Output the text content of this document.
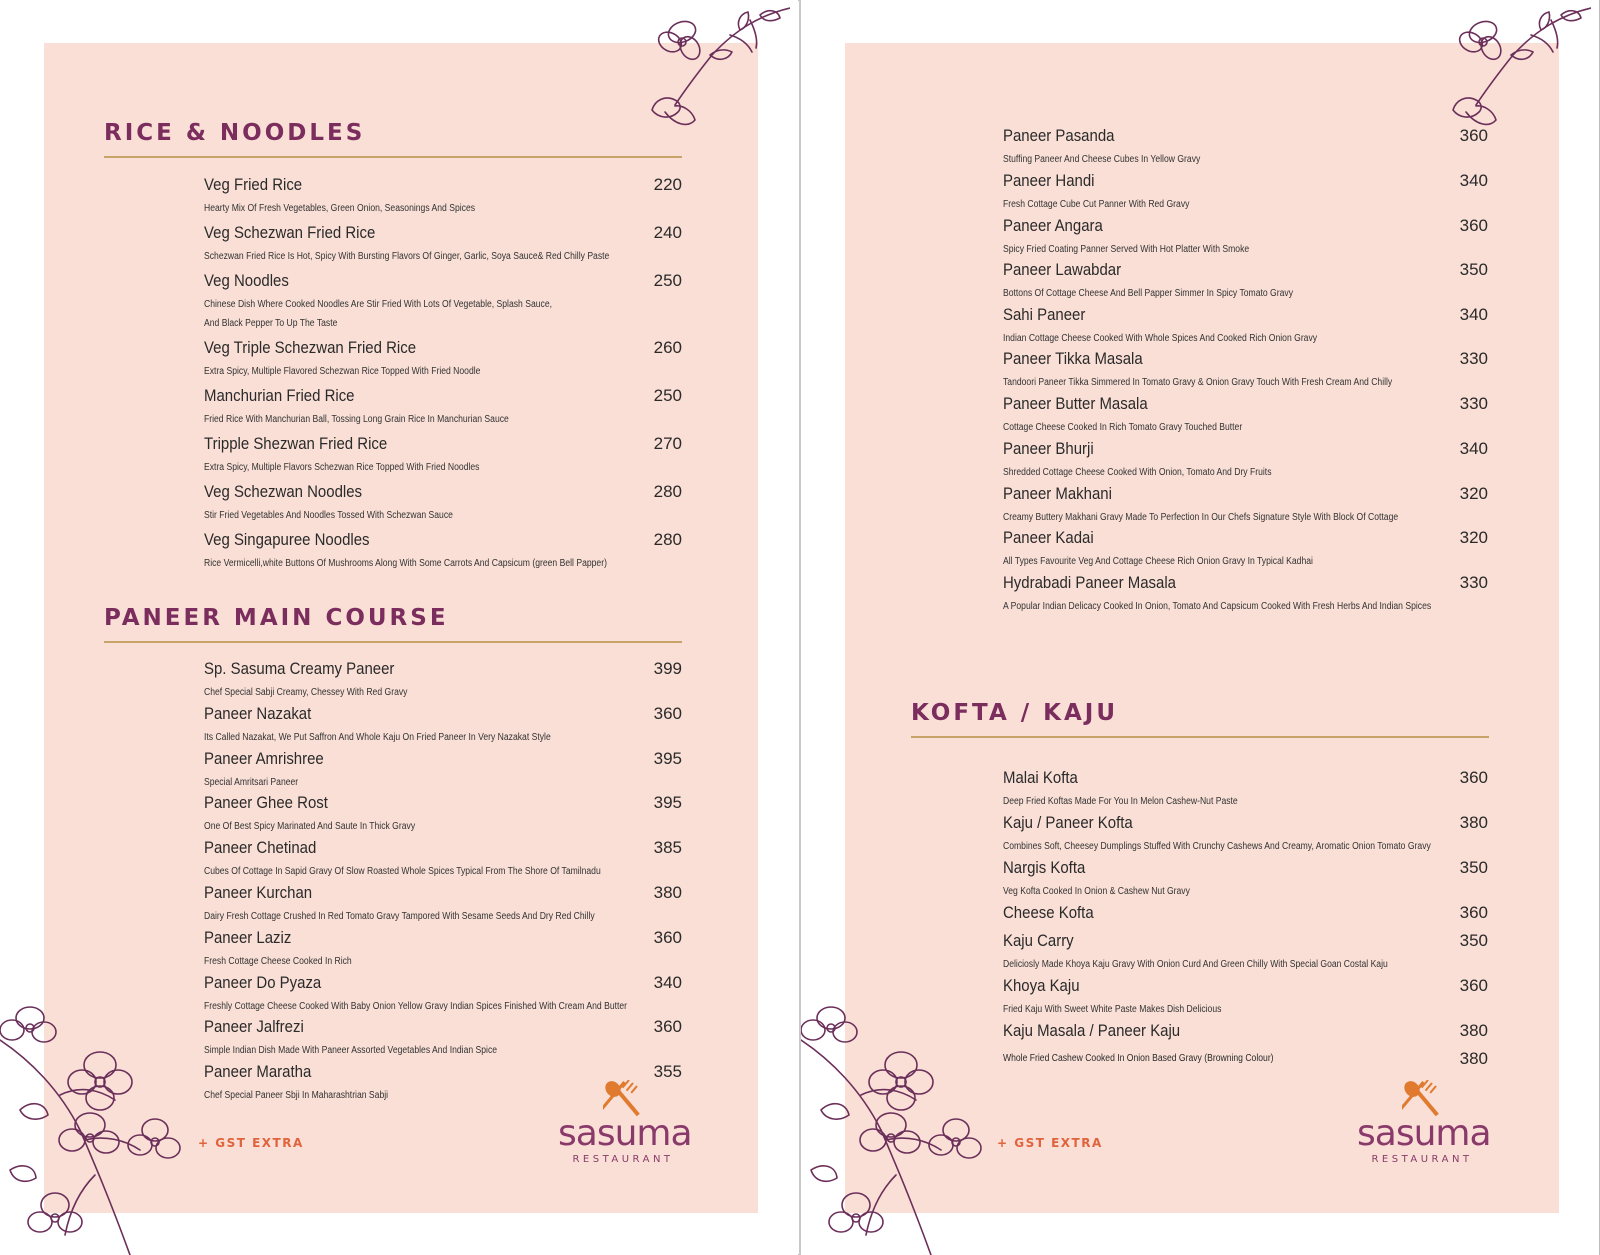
RICE & NOODLES
Veg Fried Rice	220
Hearty Mix Of Fresh Vegetables, Green Onion, Seasonings And Spices
Veg Schezwan Fried Rice	240
Schezwan Fried Rice Is Hot, Spicy With Bursting Flavors Of Ginger, Garlic, Soya Sauce& Red Chilly Paste
Veg Noodles	250
Chinese Dish Where Cooked Noodles Are Stir Fried With Lots Of Vegetable, Splash Sauce,
And Black Pepper To Up The Taste
Veg Triple Schezwan Fried Rice	260
Extra Spicy, Multiple Flavored Schezwan Rice Topped With Fried Noodle
Manchurian Fried Rice	250
Fried Rice With Manchurian Ball, Tossing Long Grain Rice In Manchurian Sauce
Tripple Shezwan Fried Rice	270
Extra Spicy, Multiple Flavors Schezwan Rice Topped With Fried Noodles
Veg Schezwan Noodles	280
Stir Fried Vegetables And Noodles Tossed With Schezwan Sauce
Veg Singapuree Noodles	280
Rice Vermicelli,white Buttons Of Mushrooms Along With Some Carrots And Capsicum (green Bell Papper)
PANEER MAIN COURSE
Sp. Sasuma Creamy Paneer	399
Chef Special Sabji Creamy, Chessey With Red Gravy
Paneer Nazakat	360
Its Called Nazakat, We Put Saffron And Whole Kaju On Fried Paneer In Very Nazakat Style
Paneer Amrishree	395
Special Amritsari Paneer
Paneer Ghee Rost	395
One Of Best Spicy Marinated And Saute In Thick Gravy
Paneer Chetinad	385
Cubes Of Cottage In Sapid Gravy Of Slow Roasted Whole Spices Typical From The Shore Of Tamilnadu
Paneer Kurchan	380
Dairy Fresh Cottage Crushed In Red Tomato Gravy Tampored With Sesame Seeds And Dry Red Chilly
Paneer Laziz	360
Fresh Cottage Cheese Cooked In Rich
Paneer Do Pyaza	340
Freshly Cottage Cheese Cooked With Baby Onion Yellow Gravy Indian Spices Finished With Cream And Butter
Paneer Jalfrezi	360
Simple Indian Dish Made With Paneer Assorted Vegetables And Indian Spice
Paneer Maratha	355
Chef Special Paneer Sbji In Maharashtrian Sabji
+ GST EXTRA	sasuma
RESTAURANT
Paneer Pasanda	360
Stuffing Paneer And Cheese Cubes In Yellow Gravy
Paneer Handi	340
Fresh Cottage Cube Cut Panner With Red Gravy
Paneer Angara	360
Spicy Fried Coating Panner Served With Hot Platter With Smoke
Paneer Lawabdar	350
Bottons Of Cottage Cheese And Bell Papper Simmer In Spicy Tomato Gravy
Sahi Paneer	340
Indian Cottage Cheese Cooked With Whole Spices And Cooked Rich Onion Gravy
Paneer Tikka Masala	330
Tandoori Paneer Tikka Simmered In Tomato Gravy & Onion Gravy Touch With Fresh Cream And Chilly
Paneer Butter Masala	330
Cottage Cheese Cooked In Rich Tomato Gravy Touched Butter
Paneer Bhurji	340
Shredded Cottage Cheese Cooked With Onion, Tomato And Dry Fruits
Paneer Makhani	320
Creamy Buttery Makhani Gravy Made To Perfection In Our Chefs Signature Style With Block Of Cottage
Paneer Kadai	320
All Types Favourite Veg And Cottage Cheese Rich Onion Gravy In Typical Kadhai
Hydrabadi Paneer Masala	330
A Popular Indian Delicacy Cooked In Onion, Tomato And Capsicum Cooked With Fresh Herbs And Indian Spices
KOFTA / KAJU
Malai Kofta	360
Deep Fried Koftas Made For You In Melon Cashew-Nut Paste
Kaju / Paneer Kofta	380
Combines Soft, Cheesey Dumplings Stuffed With Crunchy Cashews And Creamy, Aromatic Onion Tomato Gravy
Nargis Kofta	350
Veg Kofta Cooked In Onion & Cashew Nut Gravy
Cheese Kofta	360
Kaju Carry	350
Deliciosly Made Khoya Kaju Gravy With Onion Curd And Green Chilly With Special Goan Costal Kaju
Khoya Kaju	360
Fried Kaju With Sweet White Paste Makes Dish Delicious
Kaju Masala / Paneer Kaju	380
Whole Fried Cashew Cooked In Onion Based Gravy (Browning Colour)	380
+ GST EXTRA	sasuma
RESTAURANT
